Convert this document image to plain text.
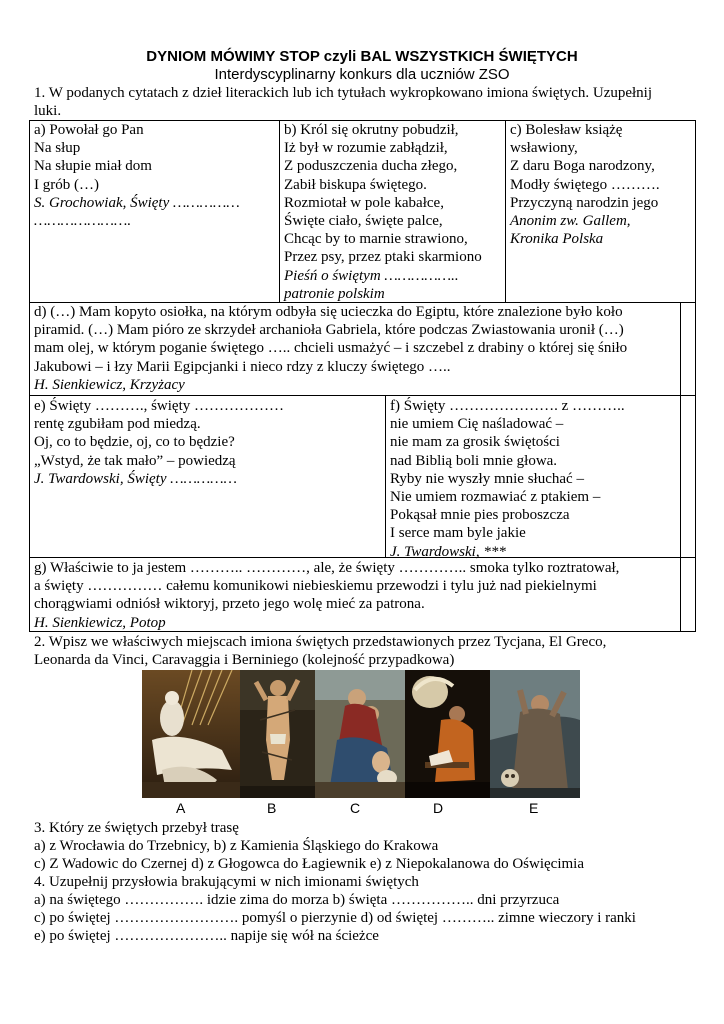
DYNIOM MÓWIMY STOP czyli BAL WSZYSTKICH ŚWIĘTYCH
Interdyscyplinarny konkurs dla uczniów ZSO
1. W podanych cytatach z dzieł literackich lub ich tytułach wykropkowano imiona świętych. Uzupełnij
luki.
a) Powołał go Pan
Na słup
Na słupie miał dom
I grób (…)
S. Grochowiak, Święty ……………
………………….
b) Król się okrutny pobudził,
Iż był w rozumie zabłądził,
Z poduszczenia ducha złego,
Zabił biskupa świętego.
Rozmiotał w pole kabałce,
Święte ciało, święte palce,
Chcąc by to marnie strawiono,
Przez psy, przez ptaki skarmiono
Pieśń o świętym ……………..
patronie polskim
c) Bolesław książę
wsławiony,
Z daru Boga narodzony,
Modły świętego ……….
Przyczyną narodzin jego
Anonim zw. Gallem,
Kronika Polska
d) (…) Mam kopyto osiołka, na którym odbyła się ucieczka do Egiptu, które znalezione było koło
piramid. (…) Mam pióro ze skrzydeł archanioła Gabriela, które podczas Zwiastowania uronił (…)
mam olej, w którym poganie świętego ….. chcieli usmażyć – i szczebel z drabiny o której się śniło
Jakubowi – i łzy Marii Egipcjanki i nieco rdzy z kluczy świętego …..
H. Sienkiewicz, Krzyżacy
e) Święty ………., święty ………………
rentę zgubiłam pod miedzą.
Oj, co to będzie, oj, co to będzie?
„Wstyd, że tak mało” – powiedzą
J. Twardowski, Święty ……………
f) Święty …………………. z ………..
nie umiem Cię naśladować –
nie mam za grosik świętości
nad Biblią boli mnie głowa.
Ryby nie wyszły mnie słuchać –
Nie umiem rozmawiać z ptakiem –
Pokąsał mnie pies proboszcza
I serce mam byle jakie
J. Twardowski, ***
g) Właściwie to ja jestem ……….. …………, ale, że święty ………….. smoka tylko roztratował,
a święty …………… całemu komunikowi niebieskiemu przewodzi i tylu już nad piekielnymi
chorągwiami odniósł wiktoryj, przeto jego wolę mieć za patrona.
H. Sienkiewicz, Potop
2. Wpisz we właściwych miejscach imiona świętych przedstawionych przez Tycjana, El Greco,
Leonarda da Vinci, Caravaggia i Berniniego (kolejność przypadkowa)
A	B	C	D	E
3. Który ze świętych przebył trasę
a) z Wrocławia do Trzebnicy, b) z Kamienia Śląskiego do Krakowa
c) Z Wadowic do Czernej d) z Głogowca do Łagiewnik e) z Niepokalanowa do Oświęcimia
4. Uzupełnij przysłowia brakującymi w nich imionami świętych
a) na świętego ……………. idzie zima do morza b) święta …………….. dni przyrzuca
c) po świętej ……………………. pomyśl o pierzynie d) od świętej ……….. zimne wieczory i ranki
e) po świętej ………………….. napije się wół na ścieżce
